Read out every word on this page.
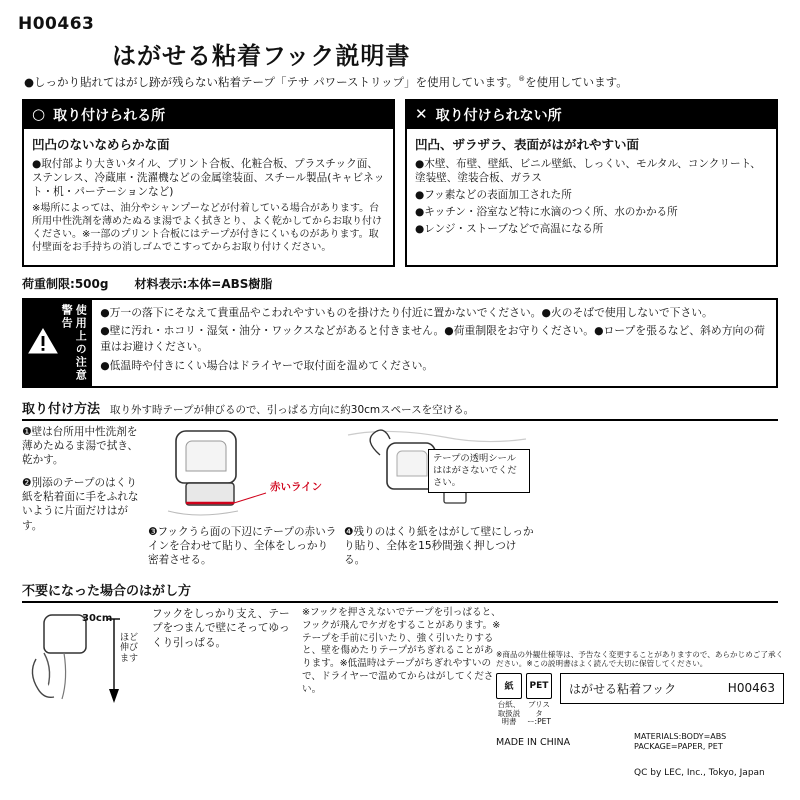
H00463
はがせる粘着フック説明書
●しっかり貼れてはがし跡が残らない粘着テープ「テサ パワーストリップ」を使用しています。®を使用しています。
○ 取り付けられる所
凹凸のないなめらかな面

●取付部より大きいタイル、プリント合板、化粧合板、プラスチック面、ステンレス、冷蔵庫・洗濯機などの金属塗装面、スチール製品(キャビネット・机・パーテーションなど)

※場所によっては、油分やシャンプーなどが付着している場合があります。台所用中性洗剤を薄めたぬるま湯でよく拭きとり、よく乾かしてからお取り付けください。※一部のプリント合板にはテープが付きにくいものがあります。取付壁面をお手持ちの消しゴムでこすってからお取り付けください。

✕ 取り付けられない所
凹凸、ザラザラ、表面がはがれやすい面

●木壁、布壁、壁紙、ビニル壁紙、しっくい、モルタル、コンクリート、塗装壁、塗装合板、ガラス

●フッ素などの表面加工された所

●キッチン・浴室など特に水滴のつく所、水のかかる所

●レンジ・ストーブなどで高温になる所

荷重制限:500g 材料表示:本体=ABS樹脂
警告 使用上の注意 ●万一の落下にそなえて貴重品やこわれやすいものを掛けたり付近に置かないでください。●火のそばで使用しないで下さい。

●壁に汚れ・ホコリ・湿気・油分・ワックスなどがあると付きません。●荷重制限をお守りください。●ロープを張るなど、斜め方向の荷重はお避けください。

●低温時や付きにくい場合はドライヤーで取付面を温めてください。

取り付け方法 取り外す時テープが伸びるので、引っぱる方向に約30cmスペースを空ける。

❶壁は台所用中性洗剤を薄めたぬるま湯で拭き、乾かす。

❷別添のテープのはくり紙を粘着面に手をふれないように片面だけはがす。

赤いライン

❸フックうら面の下辺にテープの赤いラインを合わせて貼り、全体をしっかり密着させる。

テープの透明シールははがさないでください。

❹残りのはくり紙をはがして壁にしっかり貼り、全体を15秒間強く押しつける。

不要になった場合のはがし方
30cm
ほど伸びます
フックをしっかり支え、テープをつまんで壁にそってゆっくり引っぱる。
※フックを押さえないでテープを引っぱると、フックが飛んでケガをすることがあります。※テープを手前に引いたり、強く引いたりすると、壁を傷めたりテープがちぎれることがあります。※低温時はテープがちぎれやすいので、ドライヤーで温めてからはがしてください。
※商品の外観仕様等は、予告なく変更することがありますので、あらかじめご了承ください。※この説明書はよく読んで大切に保管してください。
紙
台紙、取扱説明書
PET
ブリスター:PET
はがせる粘着フック	H00463
MATERIALS:BODY=ABS
PACKAGE=PAPER, PET
MADE IN CHINA
QC by LEC, Inc., Tokyo, Japan
